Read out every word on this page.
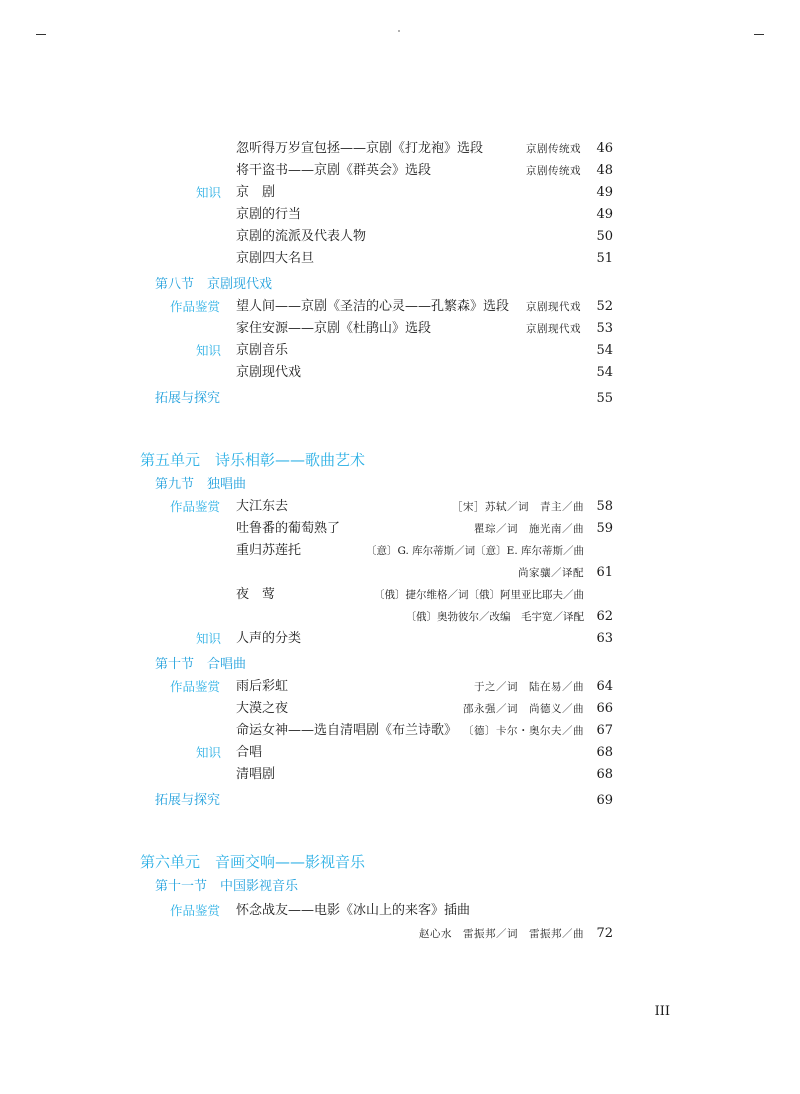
忽听得万岁宣包拯——京剧《打龙袍》选段	京剧传统戏	46
将干盗书——京剧《群英会》选段	京剧传统戏	48
知识 京　剧	49
京剧的行当	49
京剧的流派及代表人物	50
京剧四大名旦	51
第八节　京剧现代戏
作品鉴赏 望人间——京剧《圣洁的心灵——孔繁森》选段 京剧现代戏	52
家住安源——京剧《杜鹃山》选段	京剧现代戏	53
知识 京剧音乐	54
京剧现代戏	54
拓展与探究	55
第五单元　诗乐相彰——歌曲艺术
第九节　独唱曲
作品鉴赏 大江东去	［宋］苏轼／词　青主／曲 58
吐鲁番的葡萄熟了	瞿琮／词　施光南／曲 59
重归苏莲托	〔意〕G. 库尔蒂斯／词〔意〕E. 库尔蒂斯／曲
尚家骧／译配 61
夜　莺	〔俄〕捷尔维格／词〔俄〕阿里亚比耶夫／曲
〔俄〕奥勃彼尔／改编　毛宇宽／译配 62
知识 人声的分类	63
第十节　合唱曲
作品鉴赏 雨后彩虹	于之／词　陆在易／曲 64
大漠之夜	邵永强／词　尚德义／曲 66
命运女神——选自清唱剧《布兰诗歌》 〔德〕卡尔・奥尔夫／曲 67
知识 合唱	68
清唱剧	68
拓展与探究	69
第六单元　音画交响——影视音乐
第十一节　中国影视音乐
作品鉴赏 怀念战友——电影《冰山上的来客》插曲
赵心水　雷振邦／词　雷振邦／曲 72
III
